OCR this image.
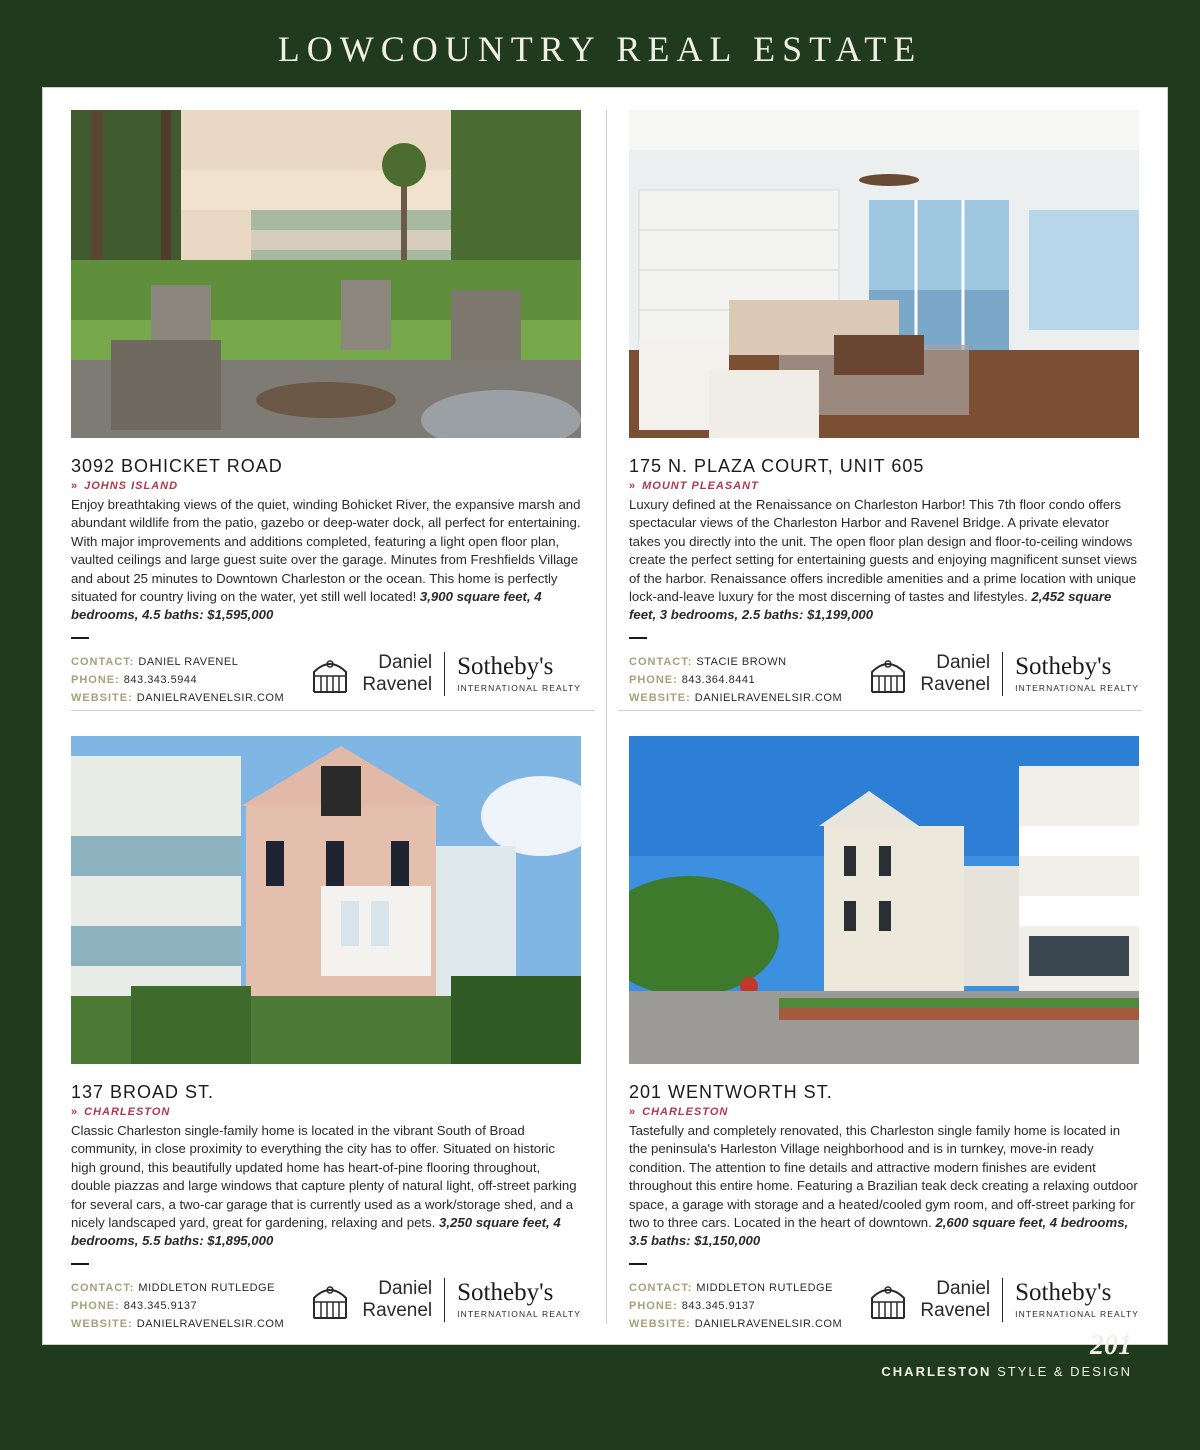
LOWCOUNTRY REAL ESTATE
3092 BOHICKET ROAD
» JOHNS ISLAND
Enjoy breathtaking views of the quiet, winding Bohicket River, the expansive marsh and abundant wildlife from the patio, gazebo or deep-water dock, all perfect for entertaining. With major improvements and additions completed, featuring a light open floor plan, vaulted ceilings and large guest suite over the garage. Minutes from Freshfields Village and about 25 minutes to Downtown Charleston or the ocean. This home is perfectly situated for country living on the water, yet still well located! 3,900 square feet, 4 bedrooms, 4.5 baths: $1,595,000
CONTACT: DANIEL RAVENEL
PHONE: 843.343.5944
WEBSITE: DANIELRAVENELSIR.COM
Daniel
Ravenel
Sotheby's
INTERNATIONAL REALTY
175 N. PLAZA COURT, UNIT 605
» MOUNT PLEASANT
Luxury defined at the Renaissance on Charleston Harbor! This 7th floor condo offers spectacular views of the Charleston Harbor and Ravenel Bridge. A private elevator takes you directly into the unit. The open floor plan design and floor-to-ceiling windows create the perfect setting for entertaining guests and enjoying magnificent sunset views of the harbor. Renaissance offers incredible amenities and a prime location with unique lock-and-leave luxury for the most discerning of tastes and lifestyles. 2,452 square feet, 3 bedrooms, 2.5 baths: $1,199,000
CONTACT: STACIE BROWN
PHONE: 843.364.8441
WEBSITE: DANIELRAVENELSIR.COM
Daniel
Ravenel
Sotheby's
INTERNATIONAL REALTY
137 BROAD ST.
» CHARLESTON
Classic Charleston single-family home is located in the vibrant South of Broad community, in close proximity to everything the city has to offer. Situated on historic high ground, this beautifully updated home has heart-of-pine flooring throughout, double piazzas and large windows that capture plenty of natural light, off-street parking for several cars, a two-car garage that is currently used as a work/storage shed, and a nicely landscaped yard, great for gardening, relaxing and pets. 3,250 square feet, 4 bedrooms, 5.5 baths: $1,895,000
CONTACT: MIDDLETON RUTLEDGE
PHONE: 843.345.9137
WEBSITE: DANIELRAVENELSIR.COM
Daniel
Ravenel
Sotheby's
INTERNATIONAL REALTY
201 WENTWORTH ST.
» CHARLESTON
Tastefully and completely renovated, this Charleston single family home is located in the peninsula's Harleston Village neighborhood and is in turnkey, move-in ready condition. The attention to fine details and attractive modern finishes are evident throughout this entire home. Featuring a Brazilian teak deck creating a relaxing outdoor space, a garage with storage and a heated/cooled gym room, and off-street parking for two to three cars. Located in the heart of downtown. 2,600 square feet, 4 bedrooms, 3.5 baths: $1,150,000
CONTACT: MIDDLETON RUTLEDGE
PHONE: 843.345.9137
WEBSITE: DANIELRAVENELSIR.COM
Daniel
Ravenel
Sotheby's
INTERNATIONAL REALTY
201
CHARLESTON STYLE & DESIGN
